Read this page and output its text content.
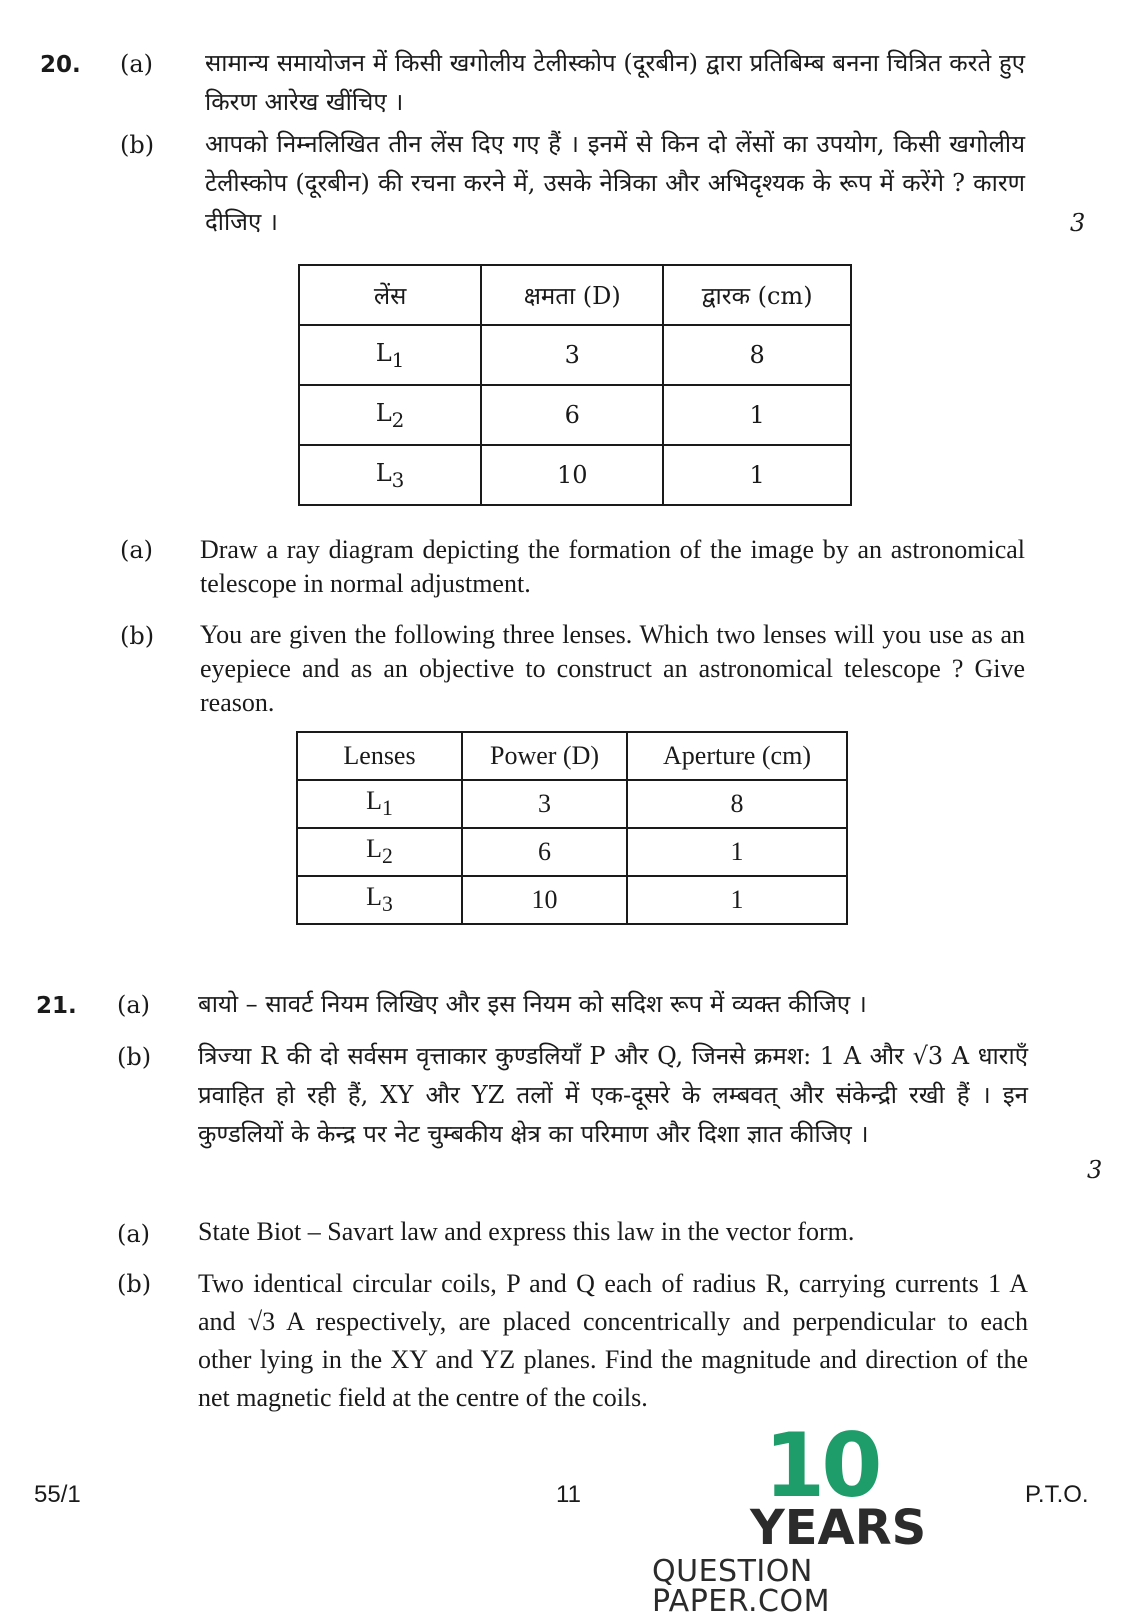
20. (a) सामान्य समायोजन में किसी खगोलीय टेलीस्कोप (दूरबीन) द्वारा प्रतिबिम्ब बनना चित्रित करते हुए किरण आरेख खींचिए ।
(b) आपको निम्नलिखित तीन लेंस दिए गए हैं । इनमें से किन दो लेंसों का उपयोग, किसी खगोलीय टेलीस्कोप (दूरबीन) की रचना करने में, उसके नेत्रिका और अभिदृश्यक के रूप में करेंगे ? कारण दीजिए ।	3
लेंस	क्षमता (D)	द्वारक (cm)
$L_1$	3	8
$L_2$	6	1
$L_3$	10	1
(a) Draw a ray diagram depicting the formation of the image by an astronomical telescope in normal adjustment.
(b) You are given the following three lenses. Which two lenses will you use as an eyepiece and as an objective to construct an astronomical telescope ? Give reason.
Lenses	Power (D)	Aperture (cm)
$L_1$	3	8
$L_2$	6	1
$L_3$	10	1
21. (a) बायो – सावर्ट नियम लिखिए और इस नियम को सदिश रूप में व्यक्त कीजिए ।
(b) त्रिज्या R की दो सर्वसम वृत्ताकार कुण्डलियाँ P और Q, जिनसे क्रमश: 1 A और √3 A धाराएँ प्रवाहित हो रही हैं, XY और YZ तलों में एक-दूसरे के लम्बवत् और संकेन्द्री रखी हैं । इन कुण्डलियों के केन्द्र पर नेट चुम्बकीय क्षेत्र का परिमाण और दिशा ज्ञात कीजिए ।
3
(a) State Biot – Savart law and express this law in the vector form.
(b) Two identical circular coils, P and Q each of radius R, carrying currents 1 A and √3 A respectively, are placed concentrically and perpendicular to each other lying in the XY and YZ planes. Find the magnitude and direction of the net magnetic field at the centre of the coils.
55/1	11	P.T.O.
10
YEARS
QUESTION PAPER.COM
